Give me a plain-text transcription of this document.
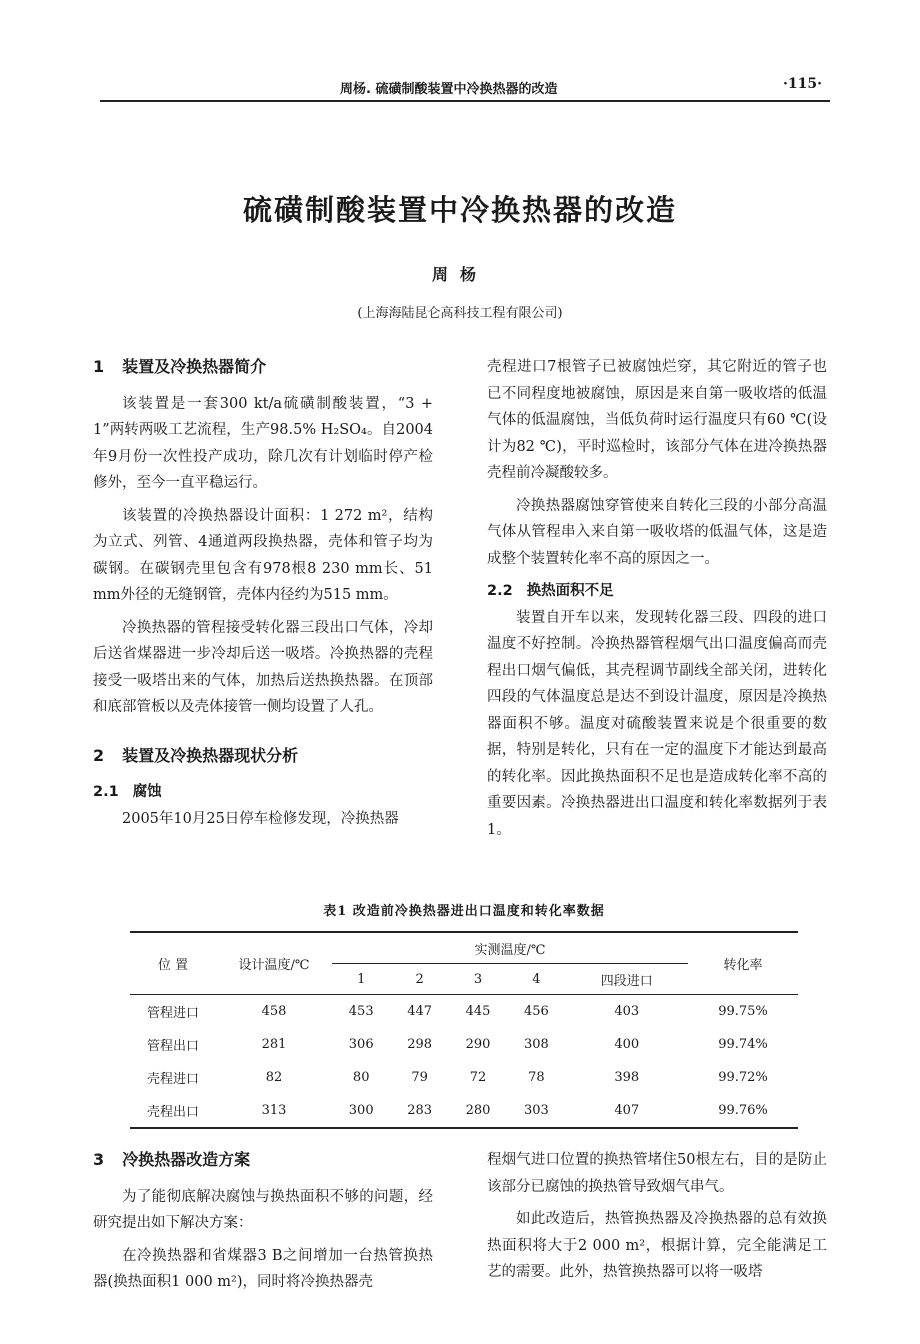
周杨. 硫磺制酸装置中冷换热器的改造	·115·
硫磺制酸装置中冷换热器的改造
周杨
(上海海陆昆仑高科技工程有限公司)
1 装置及冷换热器简介

该装置是一套300 kt/a硫磺制酸装置，“3 + 1”两转两吸工艺流程，生产98.5% H₂SO₄。自2004年9月份一次性投产成功，除几次有计划临时停产检修外，至今一直平稳运行。

该装置的冷换热器设计面积：1 272 m²，结构为立式、列管、4通道两段换热器，壳体和管子均为碳钢。在碳钢壳里包含有978根8 230 mm长、51 mm外径的无缝钢管，壳体内径约为515 mm。

冷换热器的管程接受转化器三段出口气体，冷却后送省煤器进一步冷却后送一吸塔。冷换热器的壳程接受一吸塔出来的气体，加热后送热换热器。在顶部和底部管板以及壳体接管一侧均设置了人孔。

2 装置及冷换热器现状分析
2.1 腐蚀

2005年10月25日停车检修发现，冷换热器

壳程进口7根管子已被腐蚀烂穿，其它附近的管子也已不同程度地被腐蚀，原因是来自第一吸收塔的低温气体的低温腐蚀，当低负荷时运行温度只有60 ℃(设计为82 ℃)，平时巡检时，该部分气体在进冷换热器壳程前冷凝酸较多。

冷换热器腐蚀穿管使来自转化三段的小部分高温气体从管程串入来自第一吸收塔的低温气体，这是造成整个装置转化率不高的原因之一。

2.2 换热面积不足

装置自开车以来，发现转化器三段、四段的进口温度不好控制。冷换热器管程烟气出口温度偏高而壳程出口烟气偏低，其壳程调节副线全部关闭，进转化四段的气体温度总是达不到设计温度，原因是冷换热器面积不够。温度对硫酸装置来说是个很重要的数据，特别是转化，只有在一定的温度下才能达到最高的转化率。因此换热面积不足也是造成转化率不高的重要因素。冷换热器进出口温度和转化率数据列于表1。

表1 改造前冷换热器进出口温度和转化率数据
位 置	设计温度/℃	实测温度/℃					转化率
		1	2	3	4	四段进口	
管程进口	458	453	447	445	456	403	99.75%
管程出口	281	306	298	290	308	400	99.74%
壳程进口	82	80	79	72	78	398	99.72%
壳程出口	313	300	283	280	303	407	99.76%
3 冷换热器改造方案

为了能彻底解决腐蚀与换热面积不够的问题，经研究提出如下解决方案：

在冷换热器和省煤器3 B之间增加一台热管换热器(换热面积1 000 m²)，同时将冷换热器壳

程烟气进口位置的换热管堵住50根左右，目的是防止该部分已腐蚀的换热管导致烟气串气。

如此改造后，热管换热器及冷换热器的总有效换热面积将大于2 000 m²，根据计算，完全能满足工艺的需要。此外，热管换热器可以将一吸塔
